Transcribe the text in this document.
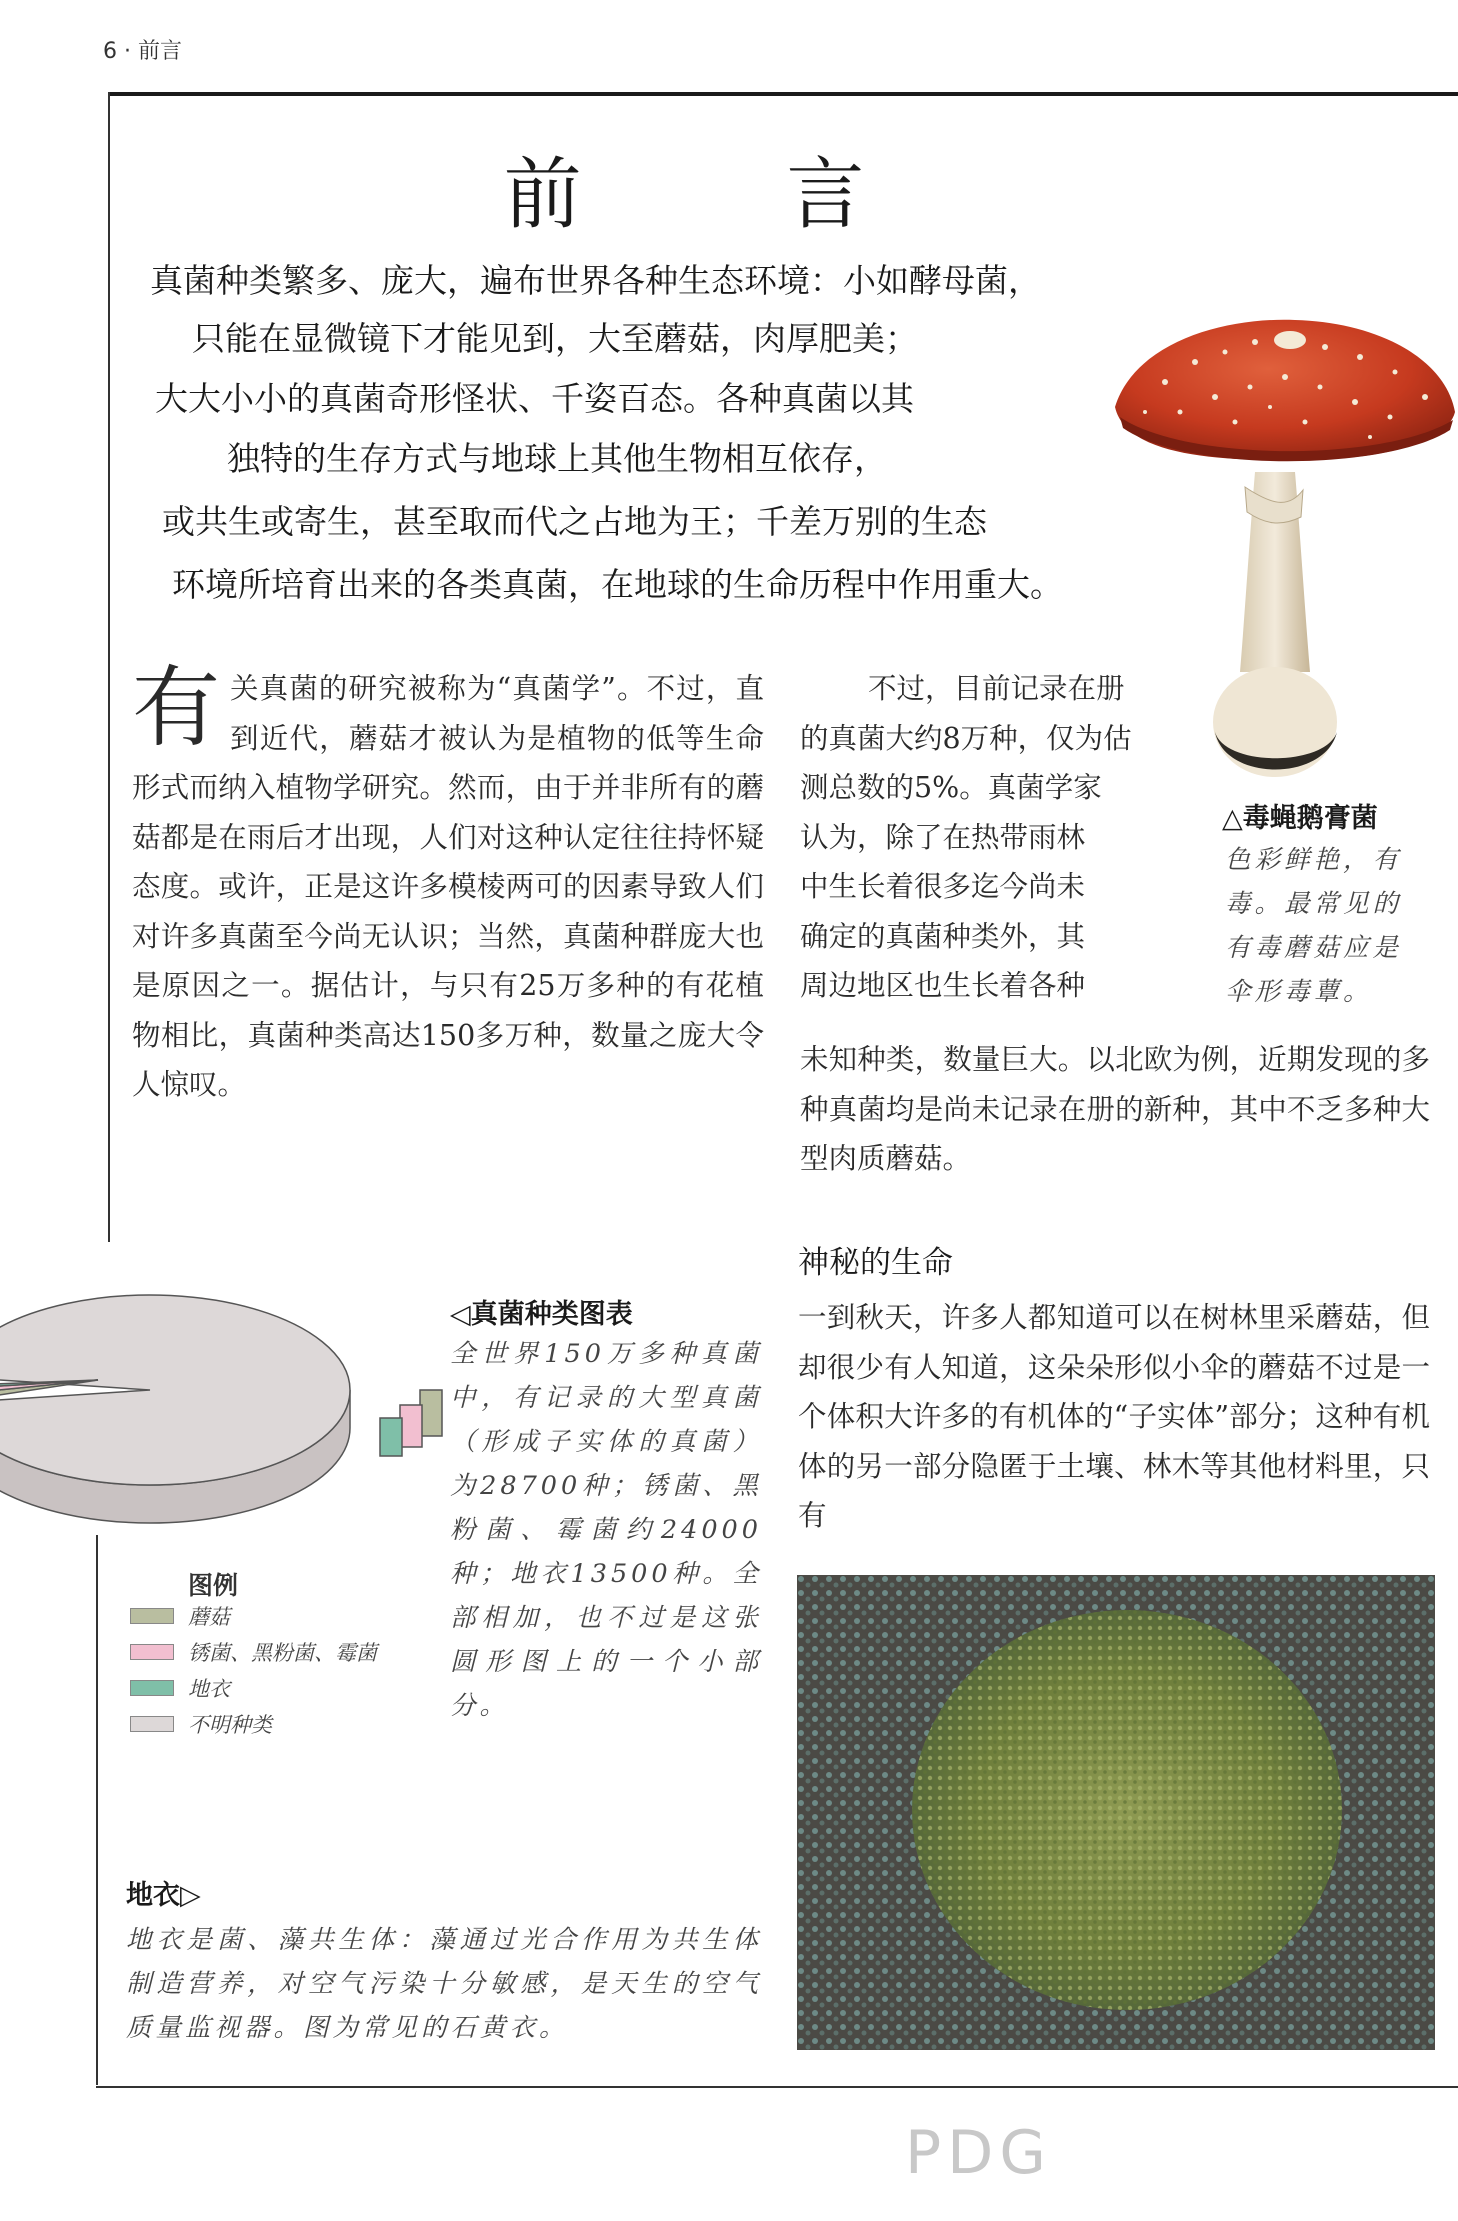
6 · 前言
前 言
真菌种类繁多、庞大，遍布世界各种生态环境：小如酵母菌，
只能在显微镜下才能见到，大至蘑菇，肉厚肥美；
大大小小的真菌奇形怪状、千姿百态。各种真菌以其
独特的生存方式与地球上其他生物相互依存，
或共生或寄生，甚至取而代之占地为王；千差万别的生态
环境所培育出来的各类真菌，在地球的生命历程中作用重大。
有关真菌的研究被称为“真菌学”。不过，直到近代，蘑菇才被认为是植物的低等生命形式而纳入植物学研究。然而，由于并非所有的蘑菇都是在雨后才出现，人们对这种认定往往持怀疑态度。或许，正是这许多模棱两可的因素导致人们对许多真菌至今尚无认识；当然，真菌种群庞大也是原因之一。据估计，与只有25万多种的有花植物相比，真菌种类高达150多万种，数量之庞大令人惊叹。
不过，目前记录在册
的真菌大约8万种，仅为估
测总数的5%。真菌学家
认为，除了在热带雨林
中生长着很多迄今尚未
确定的真菌种类外，其
周边地区也生长着各种
未知种类，数量巨大。以北欧为例，近期发现的多种真菌均是尚未记录在册的新种，其中不乏多种大型肉质蘑菇。
△毒蝇鹅膏菌
色彩鲜艳，有
毒。最常见的
有毒蘑菇应是
伞形毒蕈。
神秘的生命
一到秋天，许多人都知道可以在树林里采蘑菇，但却很少有人知道，这朵朵形似小伞的蘑菇不过是一个体积大许多的有机体的“子实体”部分；这种有机体的另一部分隐匿于土壤、林木等其他材料里，只有
◁真菌种类图表
全世界150万多种真菌中，有记录的大型真菌（形成子实体的真菌）为28700种；锈菌、黑粉菌、霉菌约24000种；地衣13500种。全部相加，也不过是这张圆形图上的一个小部分。
图例
蘑菇
锈菌、黑粉菌、霉菌
地衣
不明种类
地衣▷
地衣是菌、藻共生体：藻通过光合作用为共生体制造营养，对空气污染十分敏感，是天生的空气质量监视器。图为常见的石黄衣。
PDG
